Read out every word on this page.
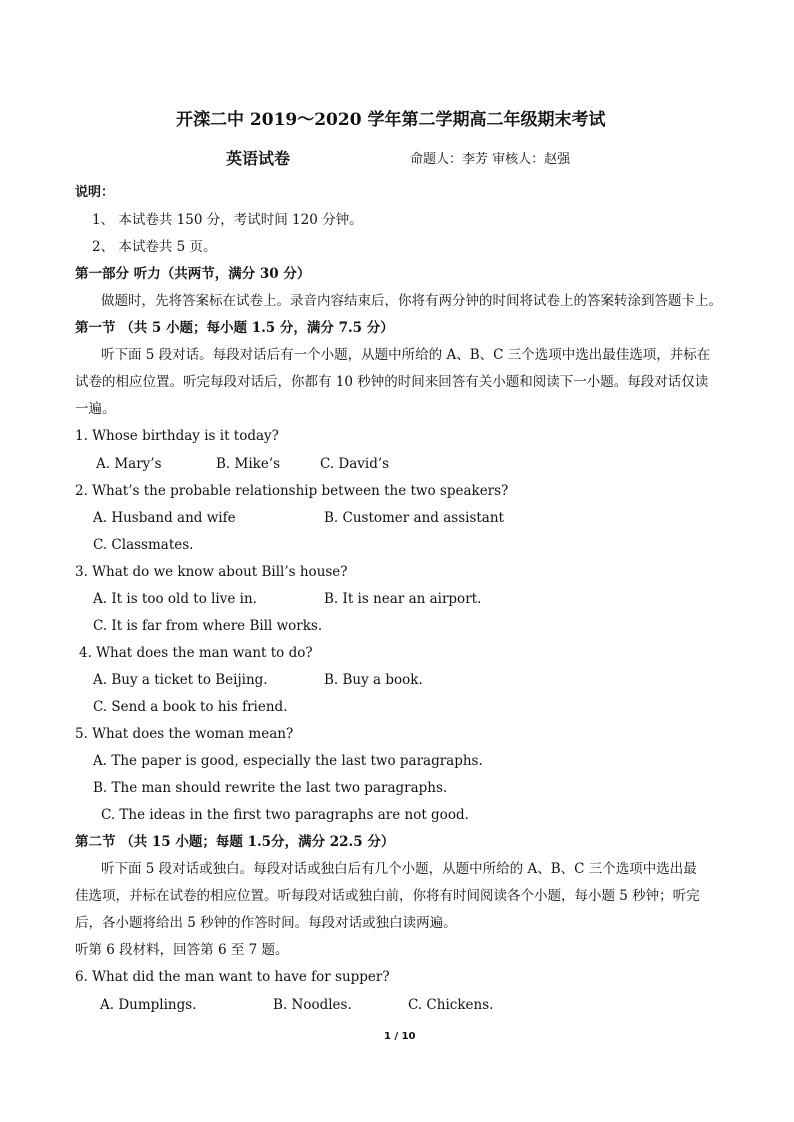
开滦二中 2019～2020 学年第二学期高二年级期末考试
英语试卷	命题人：李芳 审核人：赵强
说明：
1、 本试卷共 150 分，考试时间 120 分钟。
2、 本试卷共 5 页。
第一部分 听力（共两节，满分 30 分）
做题时，先将答案标在试卷上。录音内容结束后，你将有两分钟的时间将试卷上的答案转涂到答题卡上。
第一节 （共 5 小题；每小题 1.5 分，满分 7.5 分）
听下面 5 段对话。每段对话后有一个小题，从题中所给的 A、B、C 三个选项中选出最佳选项，并标在
试卷的相应位置。听完每段对话后，你都有 10 秒钟的时间来回答有关小题和阅读下一小题。每段对话仅读
一遍。
1. Whose birthday is it today?
A. Mary’s	B. Mike’s	C. David’s
2. What’s the probable relationship between the two speakers?
A. Husband and wife	B. Customer and assistant
C. Classmates.
3. What do we know about Bill’s house?
A. It is too old to live in.	B. It is near an airport.
C. It is far from where Bill works.
4. What does the man want to do?
A. Buy a ticket to Beijing.	B. Buy a book.
C. Send a book to his friend.
5. What does the woman mean?
A. The paper is good, especially the last two paragraphs.
B. The man should rewrite the last two paragraphs.
C. The ideas in the first two paragraphs are not good.
第二节 （共 15 小题；每题 1.5分，满分 22.5 分）
听下面 5 段对话或独白。每段对话或独白后有几个小题，从题中所给的 A、B、C 三个选项中选出最
佳选项，并标在试卷的相应位置。听每段对话或独白前，你将有时间阅读各个小题，每小题 5 秒钟；听完
后，各小题将给出 5 秒钟的作答时间。每段对话或独白读两遍。
听第 6 段材料，回答第 6 至 7 题。
6. What did the man want to have for supper?
A. Dumplings.	B. Noodles.	C. Chickens.
1 / 10
